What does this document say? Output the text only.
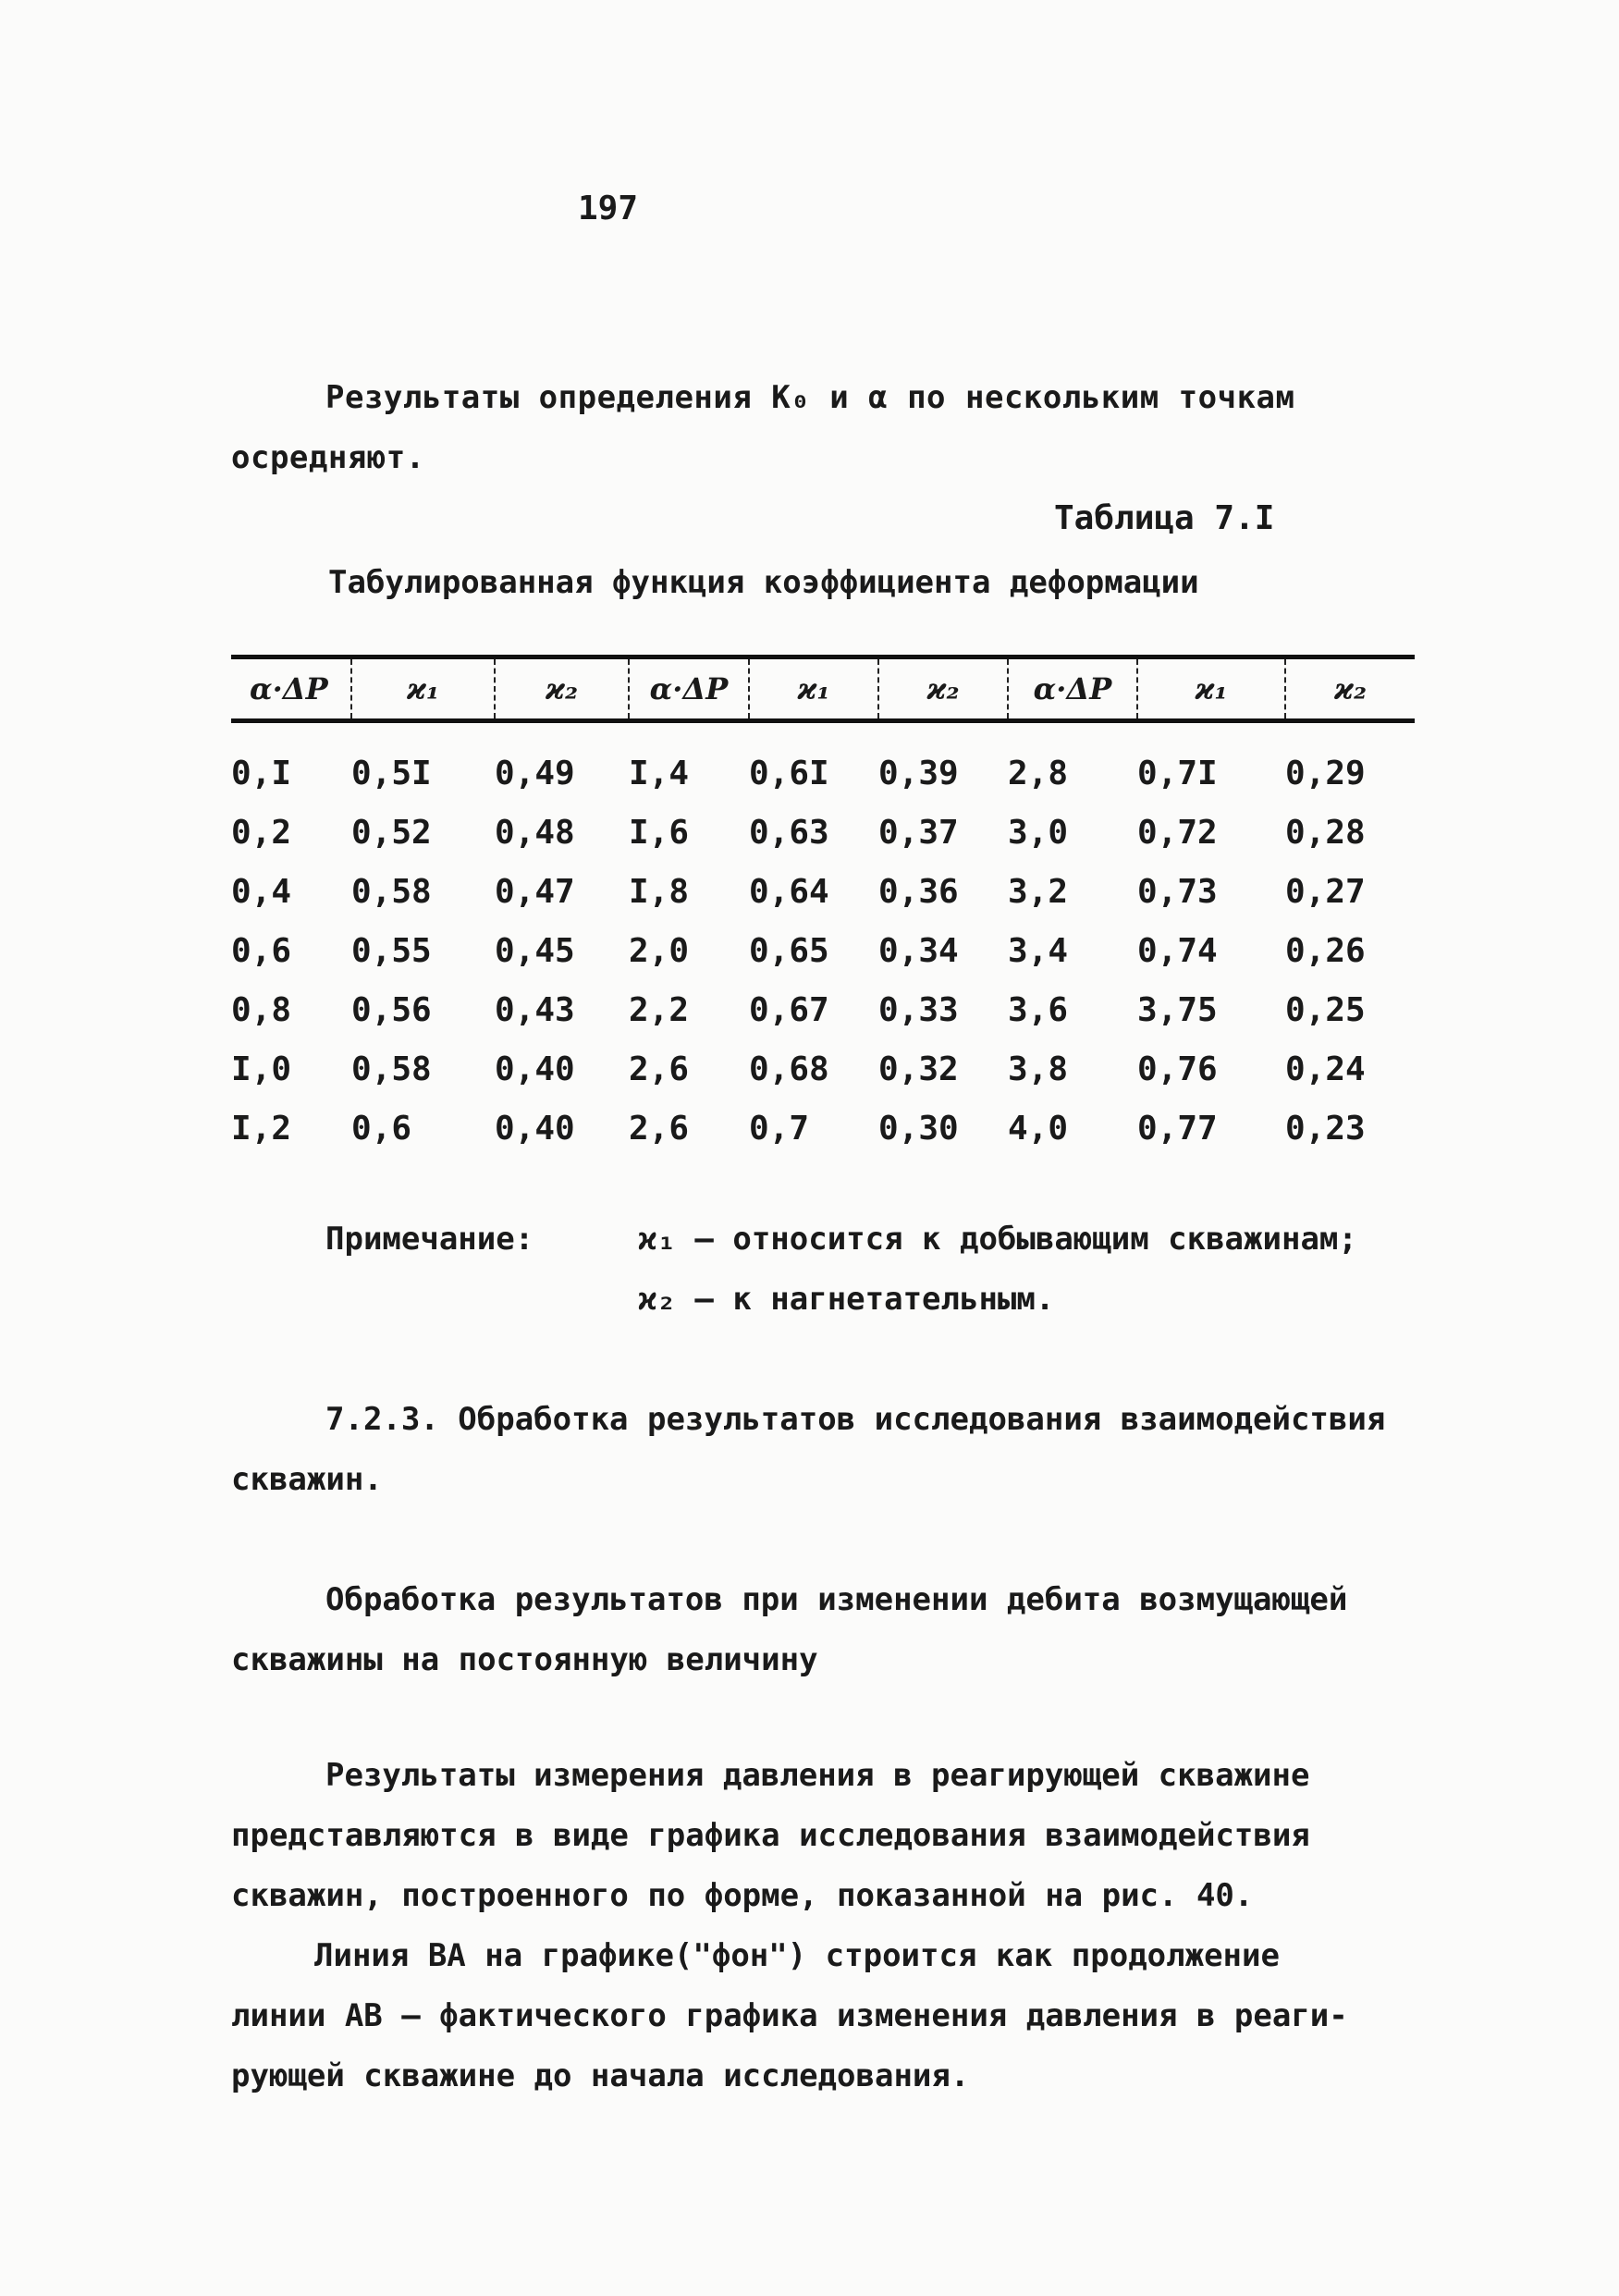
197
Результаты определения K₀ и α по нескольким точкам
осредняют.
Таблица 7.I
Табулированная функция коэффициента деформации
α·ΔP	ϰ₁	ϰ₂	α·ΔP	ϰ₁	ϰ₂	α·ΔP	ϰ₁	ϰ₂
0,I	0,5I	0,49	I,4	0,6I	0,39	2,8	0,7I	0,29
0,2	0,52	0,48	I,6	0,63	0,37	3,0	0,72	0,28
0,4	0,58	0,47	I,8	0,64	0,36	3,2	0,73	0,27
0,6	0,55	0,45	2,0	0,65	0,34	3,4	0,74	0,26
0,8	0,56	0,43	2,2	0,67	0,33	3,6	3,75	0,25
I,0	0,58	0,40	2,6	0,68	0,32	3,8	0,76	0,24
I,2	0,6	0,40	2,6	0,7	0,30	4,0	0,77	0,23
Примечание:	ϰ₁ – относится к добывающим скважинам;
ϰ₂ – к нагнетательным.
7.2.3. Обработка результатов исследования взаимодействия
скважин.
Обработка результатов при изменении дебита возмущающей
скважины на постоянную величину
Результаты измерения давления в реагирующей скважине
представляются в виде графика исследования взаимодействия
скважин, построенного по форме, показанной на рис. 40.
Линия ВА на графике("фон") строится как продолжение
линии АВ – фактического графика изменения давления в реаги-
рующей скважине до начала исследования.
